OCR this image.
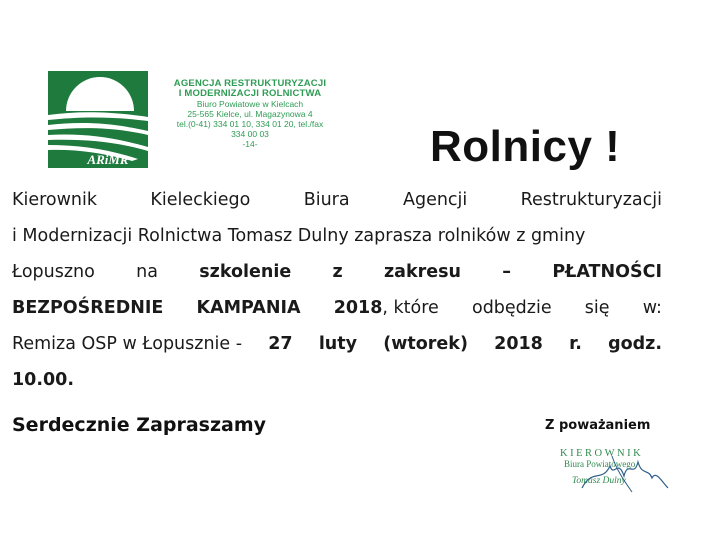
ARiMR
AGENCJA RESTRUKTURYZACJI
I MODERNIZACJI ROLNICTWA
Biuro Powiatowe w Kielcach
25-565 Kielce, ul. Magazynowa 4
tel.(0-41) 334 01 10, 334 01 20, tel./fax 334 00 03
-14-	Rolnicy !
Kierownik	Kieleckiego	Biura	Agencji	Restrukturyzacji
i Modernizacji Rolnictwa Tomasz Dulny zaprasza rolników z gminy
Łopuszno na szkolenie z zakresu – PŁATNOŚCI
BEZPOŚREDNIE KAMPANIA 2018 , które odbędzie się w:
Remiza OSP w Łopusznie - 27 luty (wtorek) 2018 r. godz.
10.00.
Serdecznie Zapraszamy	Z poważaniem
KIEROWNIK
Biura Powiatowego
Tomasz Dulny
